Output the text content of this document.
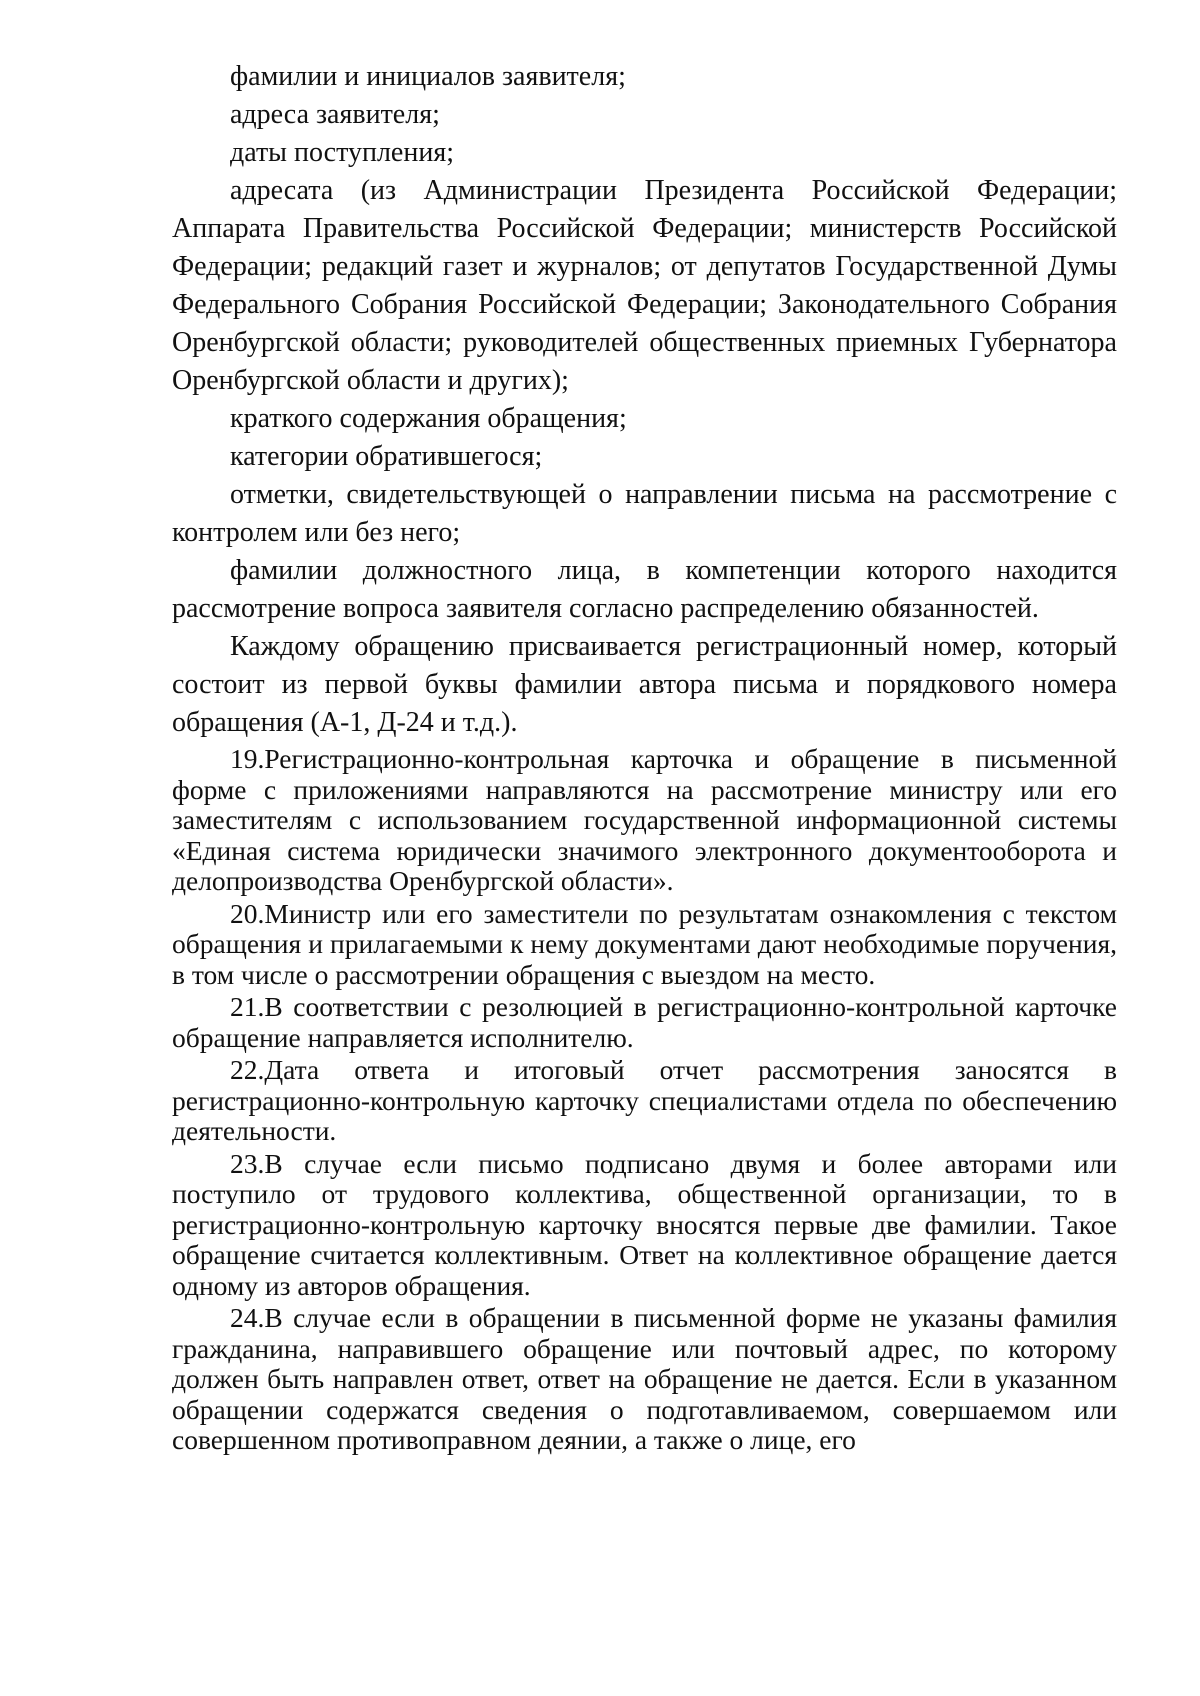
фамилии и инициалов заявителя;

адреса заявителя;

даты поступления;

адресата (из Администрации Президента Российской Федерации; Аппарата Правительства Российской Федерации; министерств Российской Федерации; редакций газет и журналов; от депутатов Государственной Думы Федерального Собрания Российской Федерации; Законодательного Собрания Оренбургской области; руководителей общественных приемных Губернатора Оренбургской области и других);

краткого содержания обращения;

категории обратившегося;

отметки, свидетельствующей о направлении письма на рассмотрение с контролем или без него;

фамилии должностного лица, в компетенции которого находится рассмотрение вопроса заявителя согласно распределению обязанностей.

Каждому обращению присваивается регистрационный номер, который состоит из первой буквы фамилии автора письма и порядкового номера обращения (А-1, Д-24 и т.д.).

19.Регистрационно-контрольная карточка и обращение в письменной форме с приложениями направляются на рассмотрение министру или его заместителям с использованием государственной информационной системы «Единая система юридически значимого электронного документооборота и делопроизводства Оренбургской области».

20.Министр или его заместители по результатам ознакомления с текстом обращения и прилагаемыми к нему документами дают необходимые поручения, в том числе о рассмотрении обращения с выездом на место.

21.В соответствии с резолюцией в регистрационно-контрольной карточке обращение направляется исполнителю.

22.Дата ответа и итоговый отчет рассмотрения заносятся в регистрационно-контрольную карточку специалистами отдела по обеспечению деятельности.

23.В случае если письмо подписано двумя и более авторами или поступило от трудового коллектива, общественной организации, то в регистрационно-контрольную карточку вносятся первые две фамилии. Такое обращение считается коллективным. Ответ на коллективное обращение дается одному из авторов обращения.

24.В случае если в обращении в письменной форме не указаны фамилия гражданина, направившего обращение или почтовый адрес, по которому должен быть направлен ответ, ответ на обращение не дается. Если в указанном обращении содержатся сведения о подготавливаемом, совершаемом или совершенном противоправном деянии, а также о лице, его
